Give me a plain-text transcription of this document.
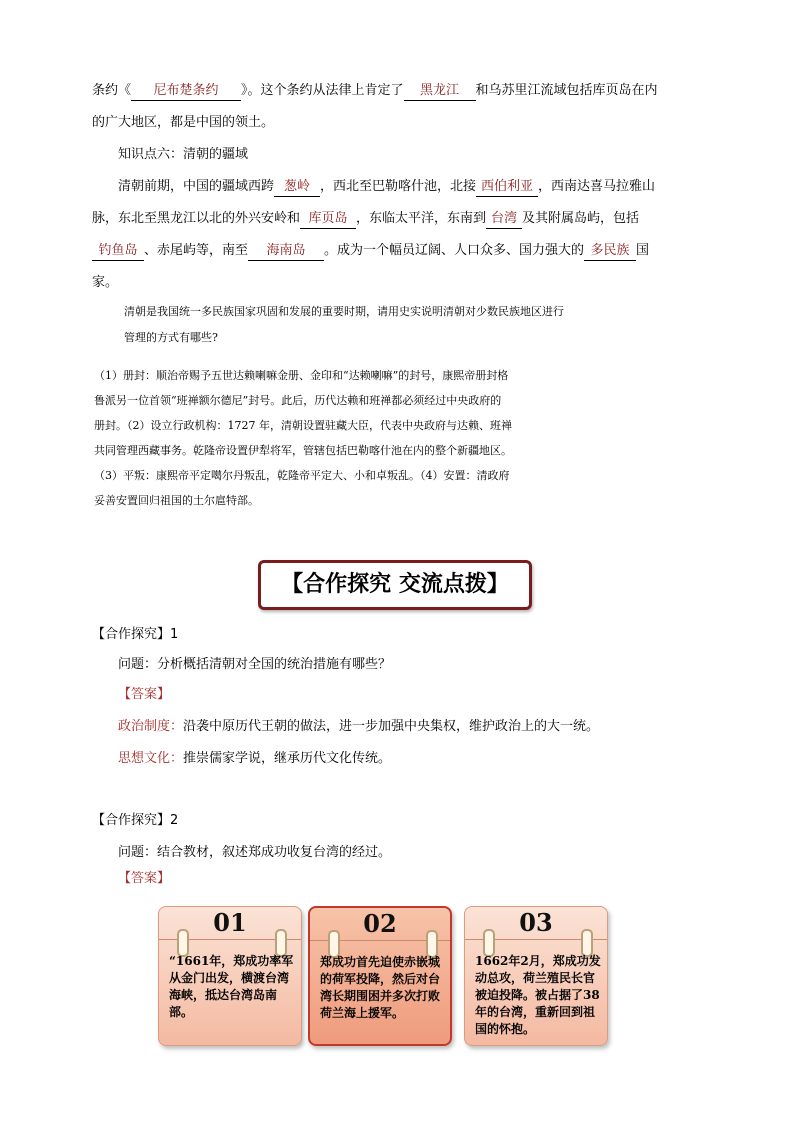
条约《 尼布楚条约 》。这个条约从法律上肯定了 黑龙江 和乌苏里江流域包括库页岛在内
的广大地区，都是中国的领土。
知识点六：清朝的疆域
清朝前期，中国的疆域西跨 葱岭 ，西北至巴勒喀什池，北接 西伯利亚 ，西南达喜马拉雅山
脉，东北至黑龙江以北的外兴安岭和 库页岛 ，东临太平洋，东南到 台湾 及其附属岛屿，包括
钓鱼岛 、赤尾屿等，南至 海南岛 。成为一个幅员辽阔、人口众多、国力强大的 多民族 国
家。
清朝是我国统一多民族国家巩固和发展的重要时期，请用史实说明清朝对少数民族地区进行
管理的方式有哪些?
（1）册封：顺治帝赐予五世达赖喇嘛金册、金印和“达赖喇嘛”的封号，康熙帝册封格
鲁派另一位首领“班禅额尔德尼”封号。此后，历代达赖和班禅都必须经过中央政府的
册封。（2）设立行政机构：1727 年，清朝设置驻藏大臣，代表中央政府与达赖、班禅
共同管理西藏事务。乾隆帝设置伊犁将军，管辖包括巴勒喀什池在内的整个新疆地区。
（3）平叛：康熙帝平定噶尔丹叛乱，乾隆帝平定大、小和卓叛乱。（4）安置：清政府
妥善安置回归祖国的土尔扈特部。
【合作探究 交流点拨】
【合作探究】1
问题：分析概括清朝对全国的统治措施有哪些？
【答案】
政治制度：沿袭中原历代王朝的做法，进一步加强中央集权，维护政治上的大一统。
思想文化：推崇儒家学说，继承历代文化传统。
【合作探究】2
问题：结合教材，叙述郑成功收复台湾的经过。
【答案】
01
“1661年，郑成功率军从金门出发，横渡台湾海峡，抵达台湾岛南部。
02
郑成功首先迫使赤嵌城的荷军投降，然后对台湾长期围困并多次打败荷兰海上援军。
03
1662年2月，郑成功发动总攻，荷兰殖民长官被迫投降。被占据了38年的台湾，重新回到祖国的怀抱。
